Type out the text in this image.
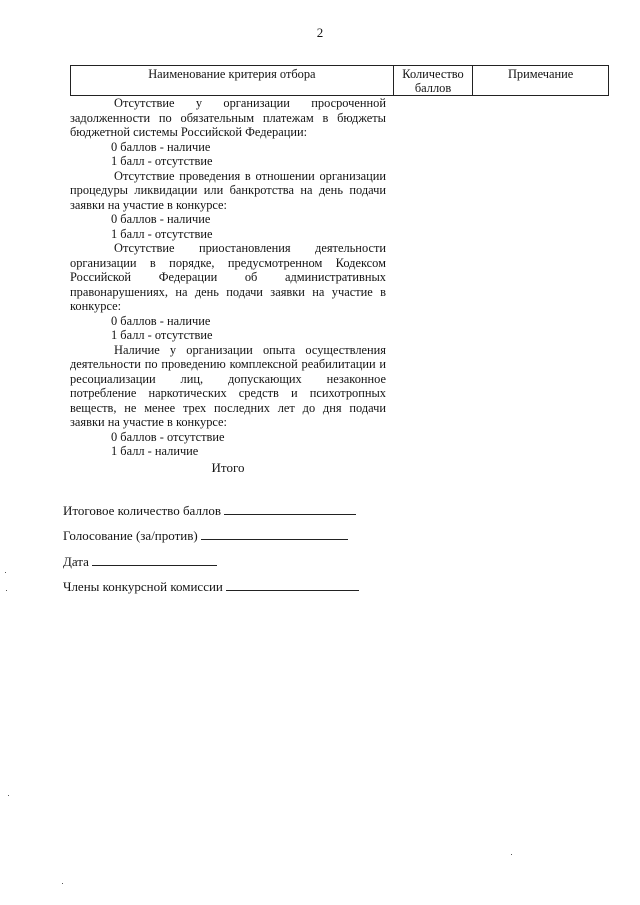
2
Наименование критерия отбора	Количество баллов	Примечание

Отсутствие у организации просроченной задолженности по обязательным платежам в бюджеты бюджетной системы Российской Федерации:

0 баллов - наличие

1 балл - отсутствие

Отсутствие проведения в отношении организации процедуры ликвидации или банкротства на день подачи заявки на участие в конкурсе:

0 баллов - наличие

1 балл - отсутствие

Отсутствие приостановления деятельности организации в порядке, предусмотренном Кодексом Российской Федерации об административных правонарушениях, на день подачи заявки на участие в конкурсе:

0 баллов - наличие

1 балл - отсутствие

Наличие у организации опыта осуществления деятельности по проведению комплексной реабилитации и ресоциализации лиц, допускающих незаконное потребление наркотических средств и психотропных веществ, не менее трех последних лет до дня подачи заявки на участие в конкурсе:

0 баллов - отсутствие

1 балл - наличие

Итого

Итоговое количество баллов
Голосование (за/против)
Дата
Члены конкурсной комиссии
